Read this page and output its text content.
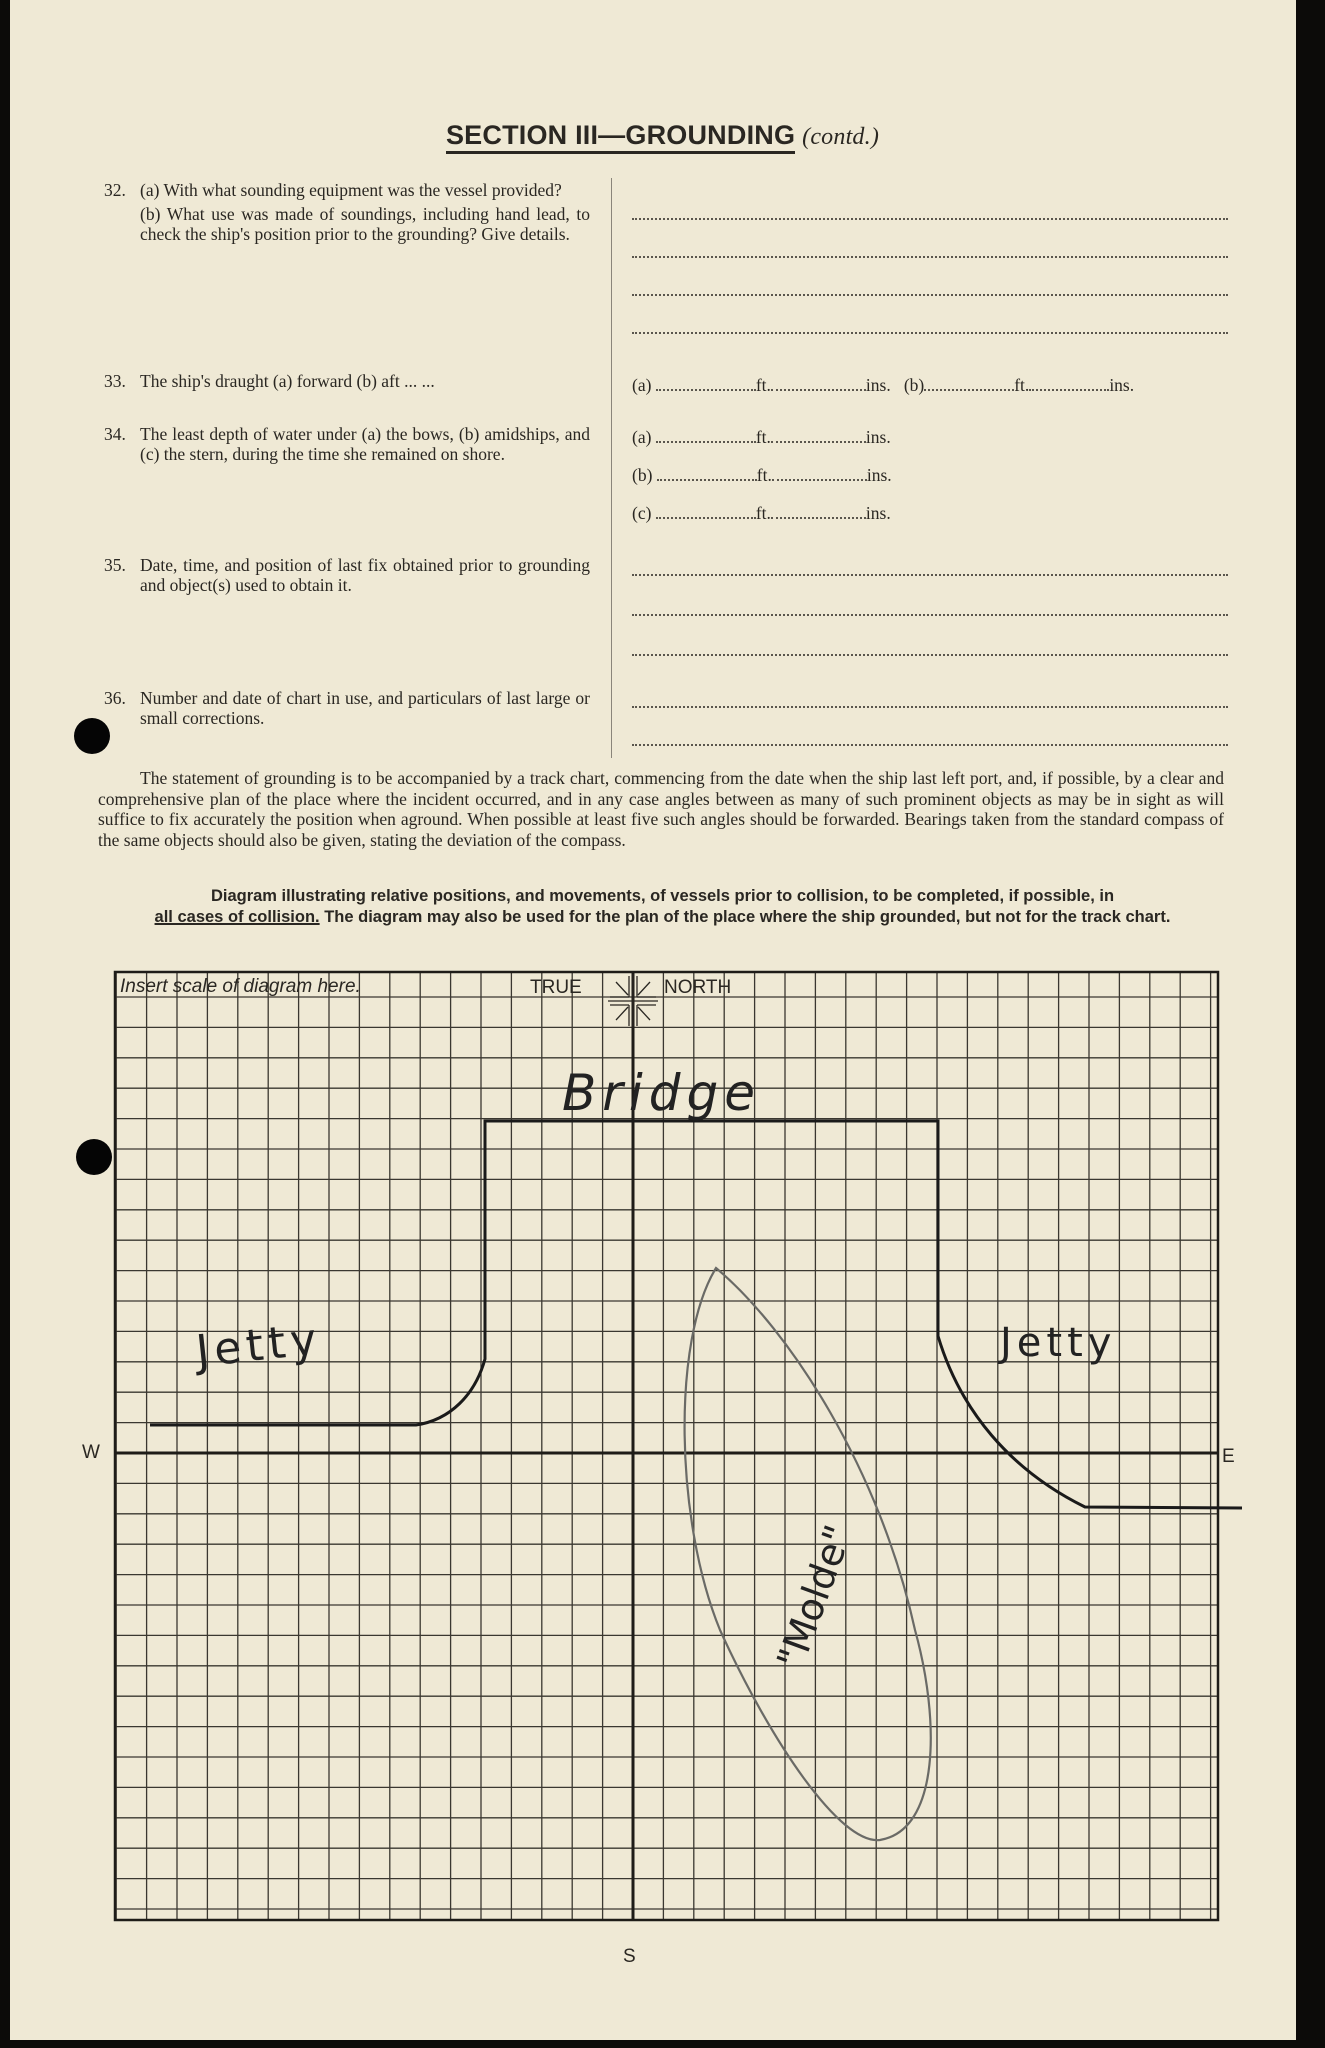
SECTION III—GROUNDING (contd.)
32. (a) With what sounding equipment was the vessel provided?
(b) What use was made of soundings, including hand lead, to check the ship's position prior to the grounding? Give details.
33. The ship's draught (a) forward (b) aft ... ...	(a)	ft.	ins. (b)	ft.	ins.
34. The least depth of water under (a) the bows, (b) amidships, and (c) the stern, during the time she remained on shore.
(a)	ft.	ins.
(b)	ft.	ins.
(c)	ft.	ins.
35. Date, time, and position of last fix obtained prior to grounding and object(s) used to obtain it.
36. Number and date of chart in use, and particulars of last large or small corrections.
The statement of grounding is to be accompanied by a track chart, commencing from the date when the ship last left port, and, if possible, by a clear and comprehensive plan of the place where the incident occurred, and in any case angles between as many of such prominent objects as may be in sight as will suffice to fix accurately the position when aground. When possible at least five such angles should be forwarded. Bearings taken from the standard compass of the same objects should also be given, stating the deviation of the compass.
Diagram illustrating relative positions, and movements, of vessels prior to collision, to be completed, if possible, in
all cases of collision. The diagram may also be used for the plan of the place where the ship grounded, but not for the track chart.
Insert scale of diagram here.	TRUE	NORTH
W	E
S
Bridge
Jetty	Jetty
"Molde"
